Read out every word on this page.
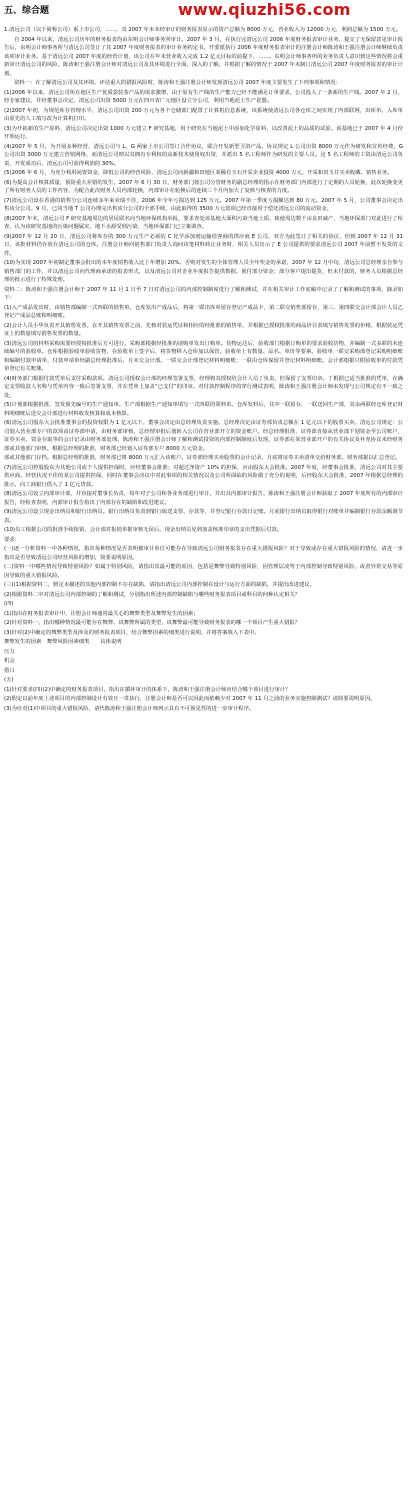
五、综合题	www.qiuzhi56.com

1.清远公司（以下简称公司）系上市公司，……，其 2007 年末未经审计的财务报表显示的资产总额为 8000 万元，营业收入为 12000 万元，利润总额为 1500 万元。

自 2004 年以来，清远公司历年的财务报表均由东明会计师事务所审计。2007 年 3 月，在执行完清远公司 2006 年度财务报表审计业务、提交了无保留意见审计报告后，东明会计师事务所与清远公司签订了其 2007 年度财务报表的审计业务约定书。开委派执行 2006 年度财务报表审计的注册会计师陈涛和王强注册会计师继续负责该项审计业务。基于清远公司 2007 年度的经营计划，该公司在年末营业收入完成 1.2 亿元目标的前提下，……。东明会计师事务所的业务负责人意识到这些情况将会重新审计清远公司的风险。陈涛和王强注册会计师对清远公司及其环境进行全面、深入的了解，并根据了解的情况于 2007 年末制订清远公司 2007 年度财务报表的审计计划。

资料一：在了解清远公司及其环境、评估重大的错报风险时，陈涛和王强注册会计师发现清远公司 2007 年度主要发生了下列事项和情况：

(1)2006 年以来，清远公司所在地区生产优质袋装茶产品的需求激增，由于原有生产线的生产能力已经不能满足订单要求，公司投入了一条新的生产线。2007 年 2 月，经专家建议，并经董事会决定，清远公司出资 5000 万元在四川省广元地区设立分公司，利用当地泥土生产瓷器。

(2)2007 年初，为规范库存管理水平，清远公司出资 200 万元为各个仓储部门配置了计算机信息系统，该系统使清远公司各仓库之间实现了内部联网，出库单、入库单由原先的人工填写改为计算机打印。

(3)为开拓新的生产原料，清远公司决定出资 1000 万元建立 F 研究基地，用于研究在当地泥土中添加化学原料，以改善泥土的品质的试验。该基地已于 2007 年 4 月份开始运行。

(4)2007 年 5 月，为开展多种经营，清远公司与 L、G 两家上市公司签订合作协议，联合开发新型卫浴产品。协议规定 L 公司出资 8000 万元作为研发和宣传经费，G 公司出资 3000 万元建立营销网络，而清远公司则以其拥有专利权的高新技术使用权出资，并派出 5 名工程师作为研发的主要人员。这 5 名工程师的工资由清远公司负责，开发成功后，清远公司可获得利润的 30%。

(5)2006 年 6 月，为充分利用闲置资金，降低公司的经营风险，清远公司向新疆和田地区某稀有玉石开采企业投资 4000 万元，开采和田玉并买卖收藏、销售业务。

(6)为提高会计核算质量，预防重大差错的发生，2007 年 6 月 30 日，财务部门按公司分管财务的副总经理的指示在财务部门内部进行了定期的人员轮换，此次轮换变更了所有财务人员的工作内容，为配合此次财务人员内部轮换，内部审计在轮换后的连续三个月内加大了复核与核查的力度。

(7)清远公司设在香港的销售分公司连续多年来业绩不佳，2006 年全年亏损达到 125 万元。2007 年第一季度亏损额达到 80 万元。2007 年 5 月，公司董事会决定出售该分公司。9 月，已同当地 T 公司办理完出售该分公司的全部手续，由此取得的 3500 万元款项已经直接用于偿还清远公司的流动资金。

(8)2007 年末，清远公司 F 研究基地周边的居民联名向当地环保机构举报，要求查处该基地大面积污染当地土质、致使周边数千亩良田减产，当地环保部门对此进行了检查，认为该研究基地的污染问题属实，地下水源受到污染，当地环保部门已立案调查。

(9)2007 年 12 月 20 日，清远公司将库存的 300 万元生产必须的 C 化学添加剂运输给客商的供应商 E 公司，双方为此签订了相关的协议，但到 2007 年 12 月 31 日，该批材料仍存放在清远公司的仓库。注册会计师向销售部门负责人询问该笔材料转让业务时，相关人员出示了 E 公司提供的要求清远公司 2007 年前暂不发货的文件。

(10)为实现 2007 年初制定董事会批出的本年度销售收入比上年增加 20%、否则对发生的全体管理人员全年奖金的承诺，2007 年 12 月中旬，清远公司总经理亲自参与销售部门的工作，并以清远公司向代理商承诺的报表形式，以及清远公司对企业年度报告提供数据、预付部分资金；部分客户提出提货，但未付款的，财务人员根据总经理的批示进行了特殊处理。

资料二：陈涛和王强注册会计师于 2007 年 11 月 1 日至 7 日对清远公司的内部控制制度进行了解和测试，并在相关审计工作底稿中记录了了解和测试的事项，摘录如下：

(1)入产成品发出时，由销售部编制一式四联的销售单。仓库发出产成品后，将第一联出库单留存登记产成品卡，第二联交销售部留存，第三、第四联交会计部会计人员乙登记产成品总账和明细账。

(2)会计人员小华负责开具销售发票。在开具销售发票之前，先核对装运凭证和相应的经批准的销售单，并根据已授权批准的商品价目表填写销售发票的价格，根据装运凭证上的数量填写销售发票的数量。

(3)清远公司的材料采购需要经授权批准后方可进行。采购部根据经批准的请购单发出订购单。货物运达后，验收部门根据订购单的要求验收货物，并编制一式多联的未连续编号的验收单。仓库根据验收单验收货物，在验收单上签字后，将货物移入仓库加以保管。验收单上有数量、品名、单价等要素。验收单一联交采购部登记采购明细账和编制付款申请单，付款申请单经副总经理批准后，月末交会计部。一联交会计部登记材料明细账；一联由仓库保留并登记材料明细账。会计部根据只附验收单的付款凭单登记有关账簿。

(4)财务部门根据付款凭单后支付采购款项。清远公司授权会计部的经理签署支票，经理将其授权给会计人员丁负责，但保留了支票印章。丁根据已适当批准的凭单，在确定支票收款人名称与凭单内容一致后签署支票，并在凭单上加盖“已支付”的印章。对付款控制程序的穿行测试表明，陈涛和王强注册会计师未发现与公司规定有不一致之处。

(5)计划部根据批准，签发预先编号的生产通知单。生产部根据生产通知单填写一式四联的领料单。仓库发料后，其中一联留存，一联送回生产部，其余两联经仓库登记材料明细账后送交会计部进行材料收发核算和成本核算。

(6)清远公司股东大会批准董事会的投资权限为 1 亿元以下。董事会决定由总经理负责实施。总经理决定由证券部负责总额在 1 亿元以下的股票买卖。清远公司规定：公司划入营业部专户的款项由证券部申请，由财务部审核，总经理审批后划转入公司在营业部开立的资金账户。经总经理批准，证券部直接从营业部下划资金至公司账户，证券买卖、资金存取等的会计记录由财务部处理。陈涛和王强注册会计师了解和测试投资的内部控制制度后发现，证券部在某营业部开户的有关协议及补充协议未经财务部或其他部门审核。根据总经理的批准，财务部已经划入证券部专户 8000 万元资金。

部或其他部门存档。根据总经理的批准，财务部已将 8000 万元汇入该账户。证券部经理买卖股票的会计记录，月底将证券买卖清单交给财务部，财务部据以汇总登记。

(7)清远公司控股股东为其他公司或个人提供担保时，应经董事会批准；对超过净资产 10% 的担保，应由股东大会批准。2007 年度，经董事会批准，清远公司对其主要供应商、经营状况不佳的某公司提供担保，同时在董事会决议中对此事项的相关情况以及公司所面临的风险做了充分的说明，后经股东大会批准，2007 年根据总经理的批示，向工商银行借入了 1 亿元贷款。

(8)清远公司设立内部审计部，并直接对董事长负责，每年对子公司和各业务部进行审计，并出具内部审计报告。陈涛和王强注册会计师获取了 2007 年度所有的内部审计报告，经检查表明，内部审计报告指出了内部存在的缺陷和改进建议。

(9)清远公司设立现金出纳员和银行出纳员。银行出纳员负责到银行取送支票、存款等，并登记银行存款日记账。月底银行出纳员取得银行对账单并编制银行存款余额调节表。

(10)员工根据公司的批准手续报销，会计部对报销单据审核无误后，现金出纳员见到加盖核准印章的支出凭据后付款。

要求：

(一)逐一分析资料一中各种情况，指出每种情况是否表明被审计单位可能存在导致清远公司财务报表存在重大错报风险？对于导致或存在重大错报风险的情况，请进一步指出是否导致清远公司经营风险的增加，简要说明原因。

(二)资料一中哪些情况导致特别风险？如属于特别风险，请指出其最可能的原因，包括是舞弊导致特别风险，因管理层凌驾于内部控制导致特别风险，或者异常交易等原因导致的重大错报风险。

(三)(1)根据资料二，假定未描述的其他内部控制不存在缺陷，请指出清远公司内部控制在设计与运行方面的缺陷，并提出改进建议。

(2)根据资料二中对清远公司内部控制的了解和测试，分别指出所述内部控制缺陷与哪些财务报表项目或科目的何种认定相关？

(四)

(1)指出在财务报表审计中，注册会计师通常最关心的舞弊类型及舞弊发生的因素；

(2)针对资料一，指出哪种情况最可能存在舞弊、该舞弊所属的类型，该舞弊最可能导致财务报表的哪一个项目产生重大错报？

(3)针对(2)中确定的舞弊类型及涉及的财务报表项目，结合舞弊因素的细类进行说明，并将答案填入下表中。

舞弊发生的因素　舞弊风险因素细类　　具体说明

压力

机会

借口

(五)

(1)针对要求(四)(2)中确定的财务报表项目，指出在循环审计的体系下，陈涛和王强注册会计师应结合哪个项目进行审计？

(2)假定以前年度上述项目的内部控制设计有效且一贯执行，注册会计师是否可以因此而依赖少对 2007 年 11 月之前的业务实施控制测试？请简要说明原因。

(3)为应对(1)中项目的重大错报风险，请代陈涛和王强注册会计师列示具有不可预见性的进一步审计程序。
